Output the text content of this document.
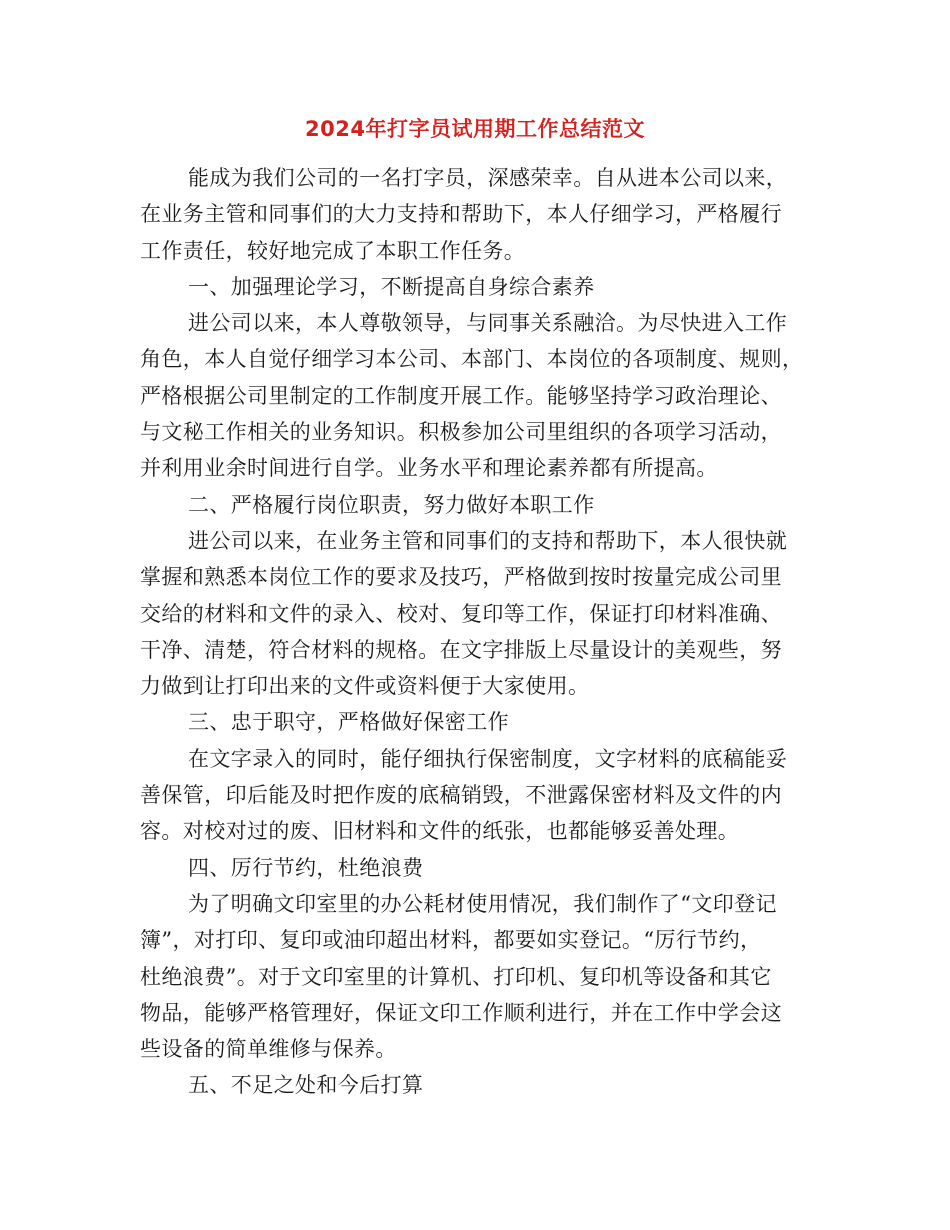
2024年打字员试用期工作总结范文
能成为我们公司的一名打字员，深感荣幸。自从进本公司以来，
在业务主管和同事们的大力支持和帮助下，本人仔细学习，严格履行
工作责任，较好地完成了本职工作任务。
一、加强理论学习，不断提高自身综合素养
进公司以来，本人尊敬领导，与同事关系融洽。为尽快进入工作
角色，本人自觉仔细学习本公司、本部门、本岗位的各项制度、规则，
严格根据公司里制定的工作制度开展工作。能够坚持学习政治理论、
与文秘工作相关的业务知识。积极参加公司里组织的各项学习活动，
并利用业余时间进行自学。业务水平和理论素养都有所提高。
二、严格履行岗位职责，努力做好本职工作
进公司以来，在业务主管和同事们的支持和帮助下，本人很快就
掌握和熟悉本岗位工作的要求及技巧，严格做到按时按量完成公司里
交给的材料和文件的录入、校对、复印等工作，保证打印材料准确、
干净、清楚，符合材料的规格。在文字排版上尽量设计的美观些，努
力做到让打印出来的文件或资料便于大家使用。
三、忠于职守，严格做好保密工作
在文字录入的同时，能仔细执行保密制度，文字材料的底稿能妥
善保管，印后能及时把作废的底稿销毁，不泄露保密材料及文件的内
容。对校对过的废、旧材料和文件的纸张，也都能够妥善处理。
四、厉行节约，杜绝浪费
为了明确文印室里的办公耗材使用情况，我们制作了“文印登记
簿”，对打印、复印或油印超出材料，都要如实登记。“厉行节约，
杜绝浪费”。对于文印室里的计算机、打印机、复印机等设备和其它
物品，能够严格管理好，保证文印工作顺利进行，并在工作中学会这
些设备的简单维修与保养。
五、不足之处和今后打算
